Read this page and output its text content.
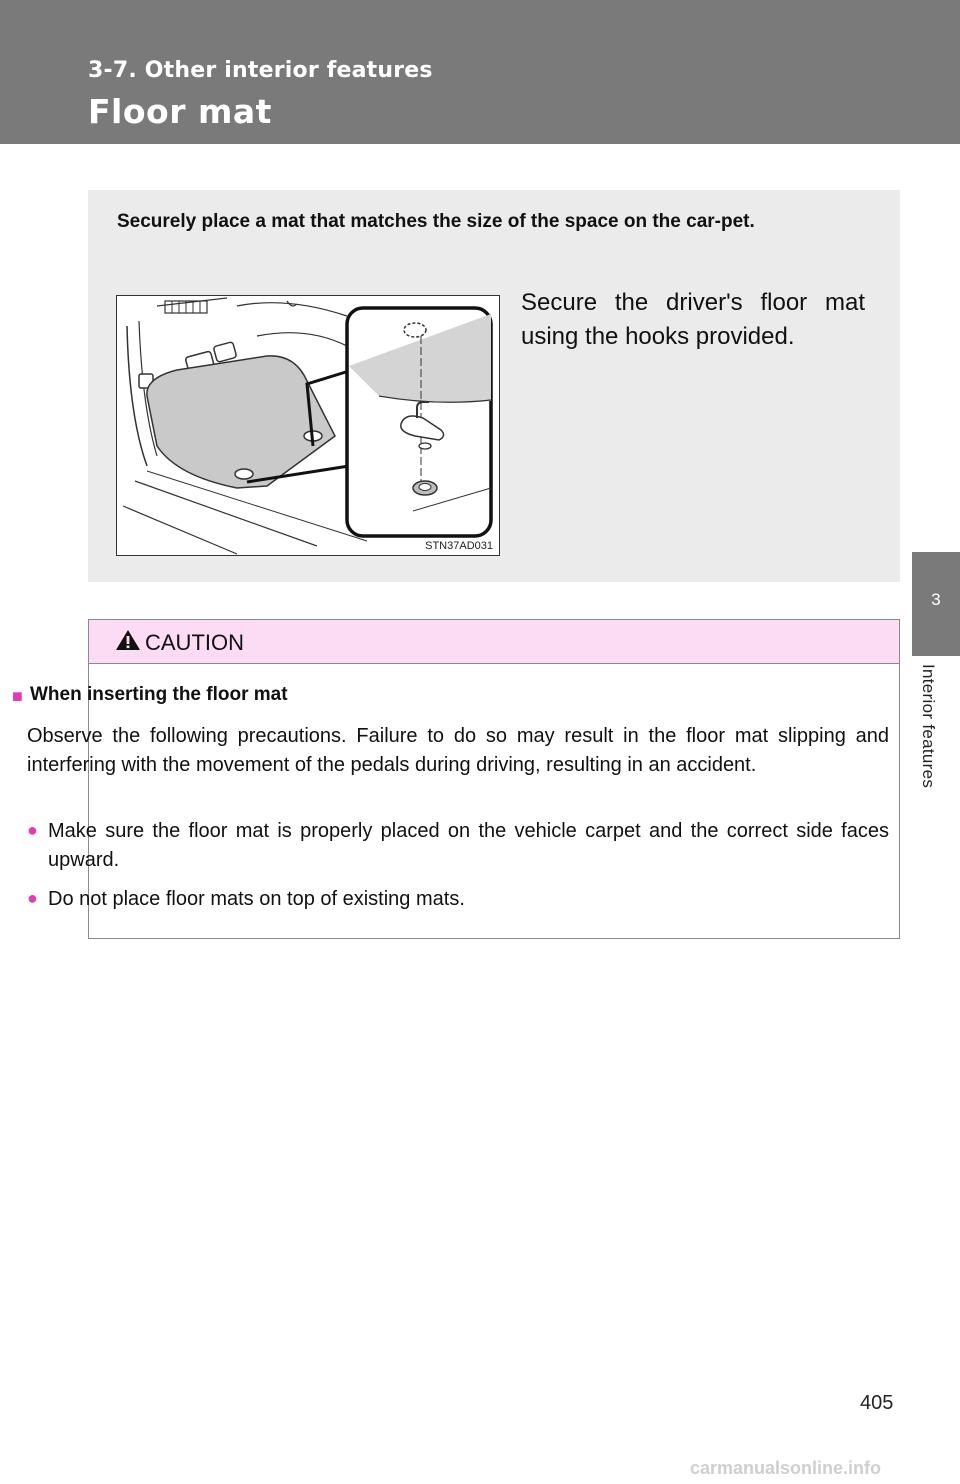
3-7. Other interior features
Floor mat
3
Interior features
Securely place a mat that matches the size of the space on the car-pet.
STN37AD031
Secure the driver's floor mat using the hooks provided.
CAUTION
■ When inserting the floor mat
Observe the following precautions. Failure to do so may result in the floor mat slipping and interfering with the movement of the pedals during driving, resulting in an accident.
● Make sure the floor mat is properly placed on the vehicle carpet and the correct side faces upward.
● Do not place floor mats on top of existing mats.
405
carmanualsonline.info
